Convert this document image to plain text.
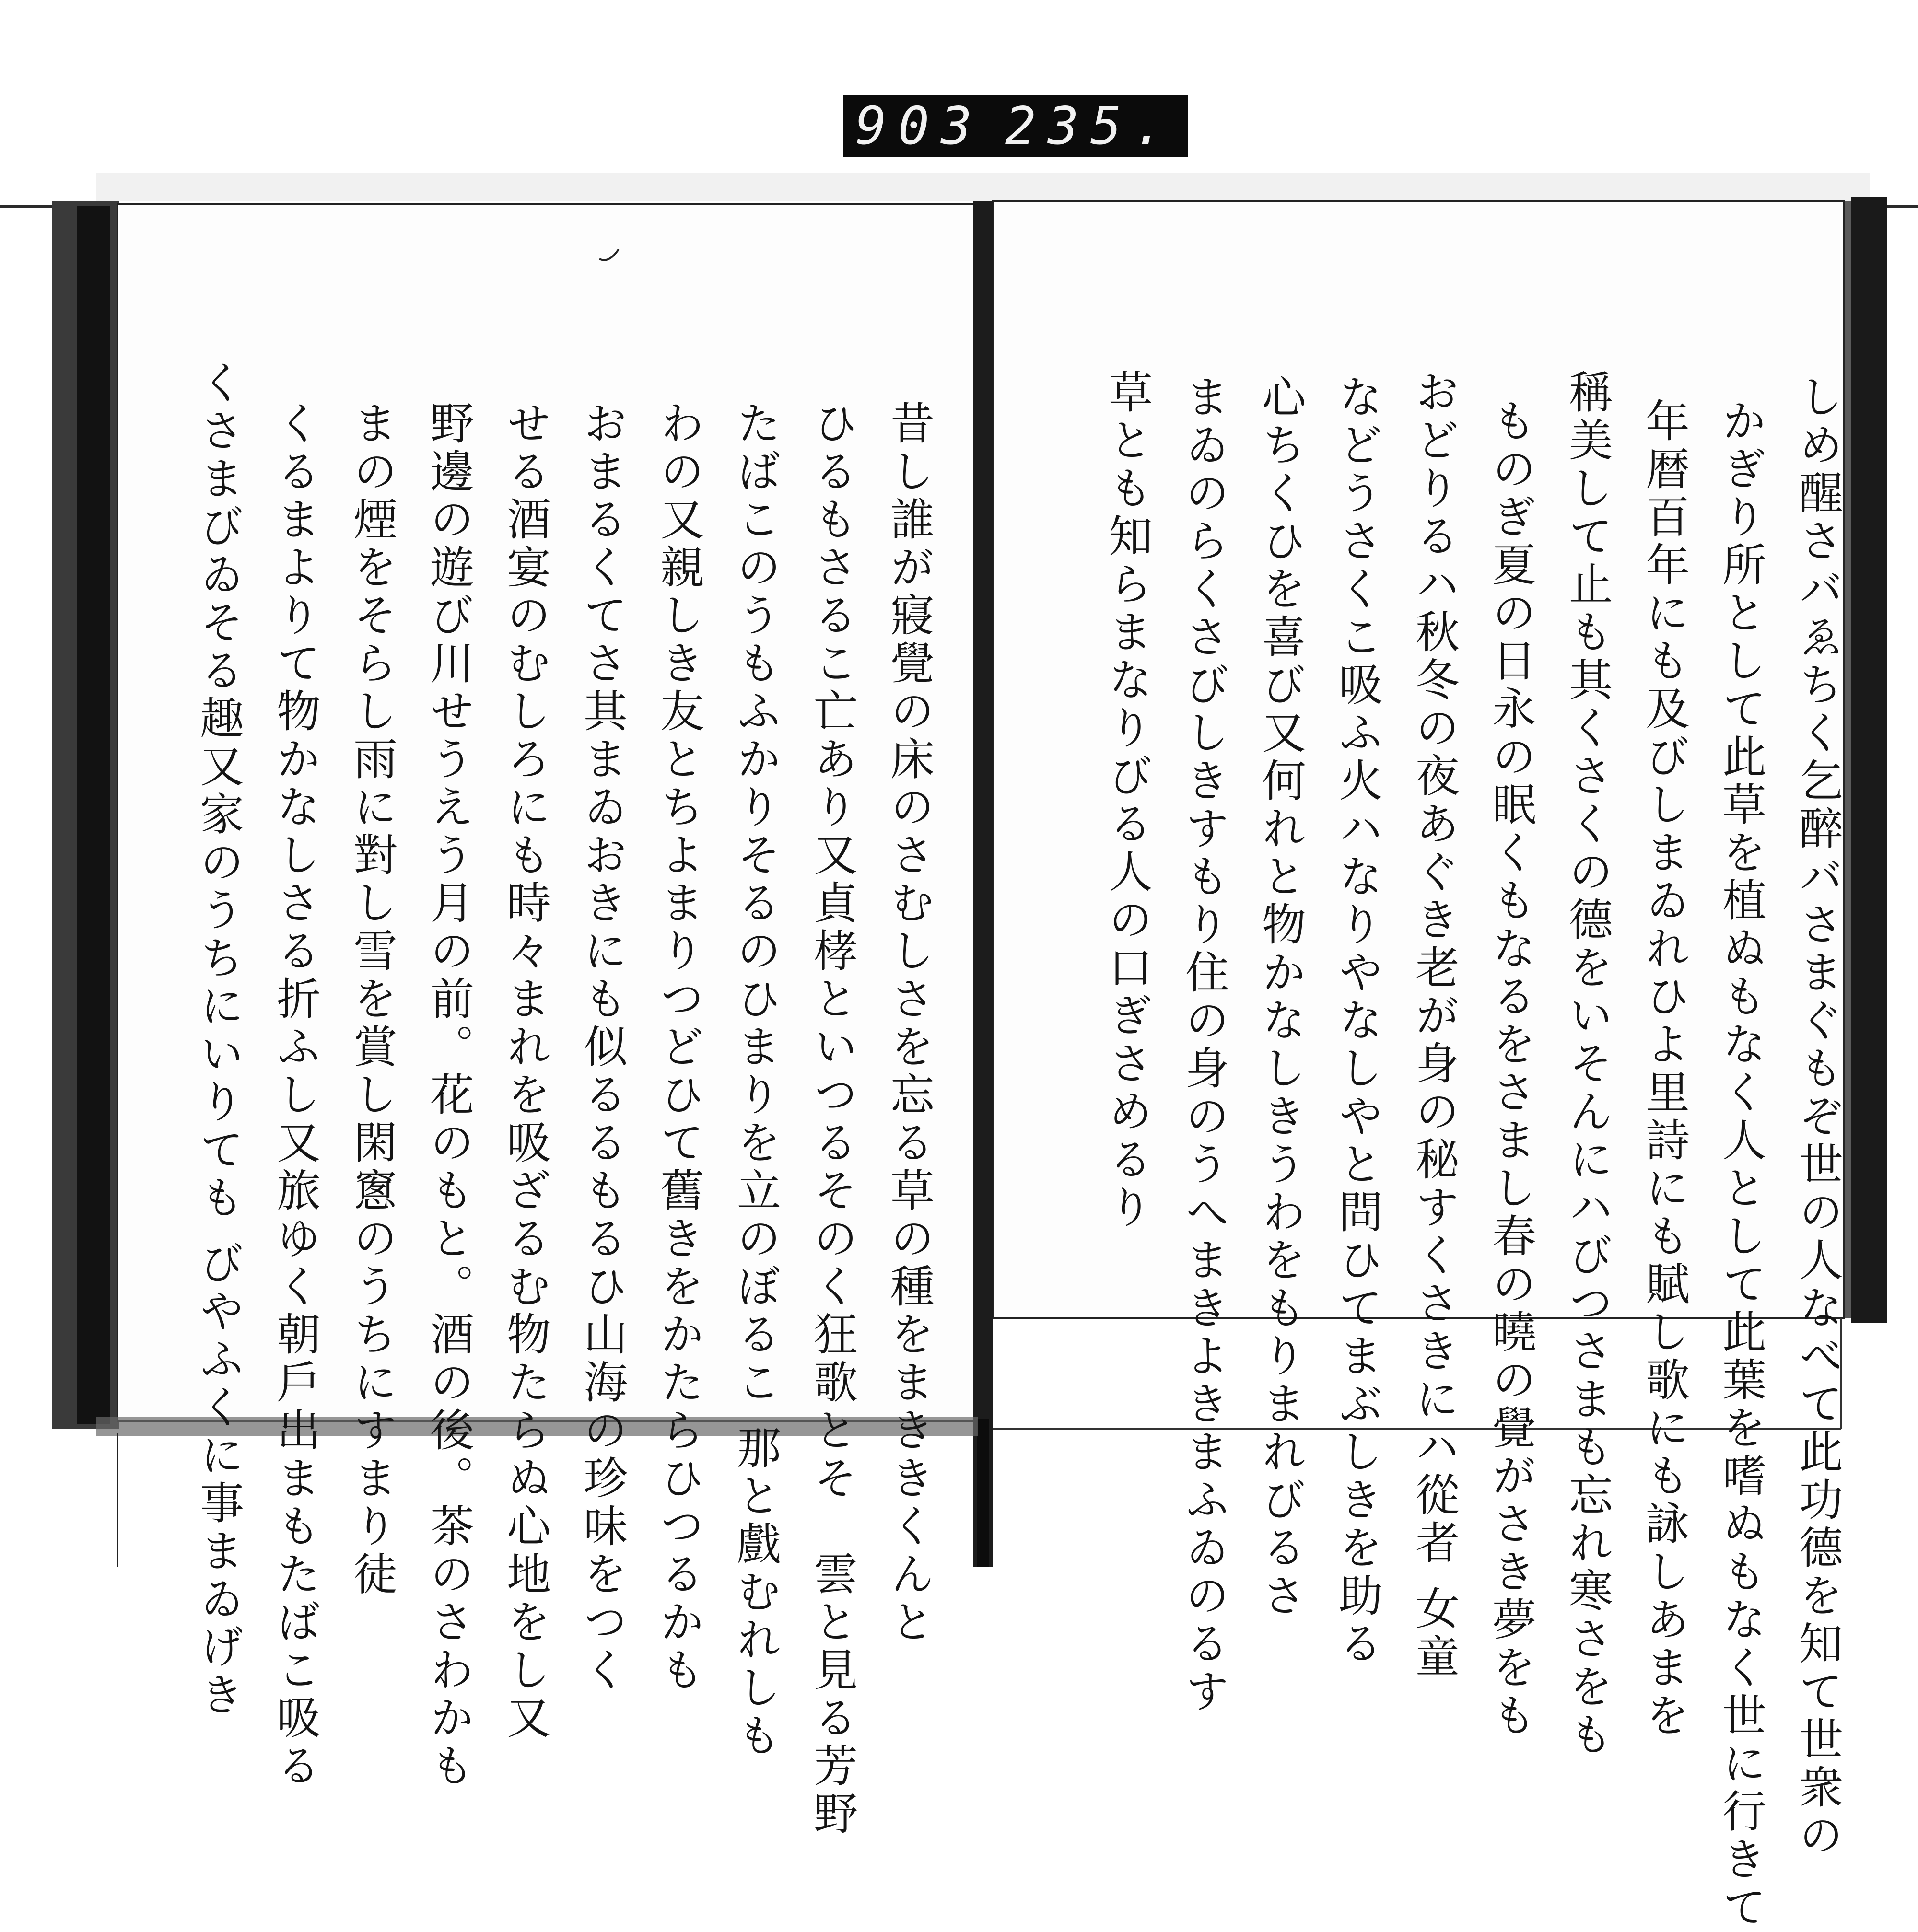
903 235.
しめ醒さバゑちく乞醉バさまぐもぞ世の人なべて此功德を知て世衆の
かぎり所として此草を植ぬもなく人として此葉を嗜ぬもなく世に行きて
年暦百年にも及びしまゐれひよ里詩にも賦し歌にも詠しあまを
稱美して止も其くさくの德をいそんにハびつさまも忘れ寒さをも
ものぎ夏の日永の眠くもなるをさまし春の曉の覺がさき夢をも
おどりるハ秋冬の夜あぐき老が身の秘すくさきにハ從者 女童
などうさくこ吸ふ火ハなりやなしやと問ひてまぶしきを助る
心ちくひを喜び又何れと物かなしきうわをもりまれびるさ
まゐのらくさびしきすもり住の身のうへまきよきまふゐのるす
草とも知らまなりびる人の口ぎさめるり
昔し誰が寢覺の床のさむしさを忘る草の種をまききくんと
ひるもさるこ亡あり又貞㭳といつるそのく狂歌とそ　雲と見る芳野
たばこのうもふかりそるのひまりを立のぼるこ 那と戲むれしも
わの又親しき友とちよまりつどひて舊きをかたらひつるかも
おまるくてさ其まゐおきにも似るるもるひ山海の珍味をつく
せる酒宴のむしろにも時々まれを吸ざるむ物たらぬ心地をし又
野邊の遊び川せうえう月の前。花のもと。酒の後。茶のさわかも
まの煙をそらし雨に對し雪を賞し閑窻のうちにすまり徒
くるまよりて物かなしさる折ふし又旅ゆく朝戶出まもたばこ吸る
くさまびゐそる趣又家のうちにいりても びやふくに事まゐげき
